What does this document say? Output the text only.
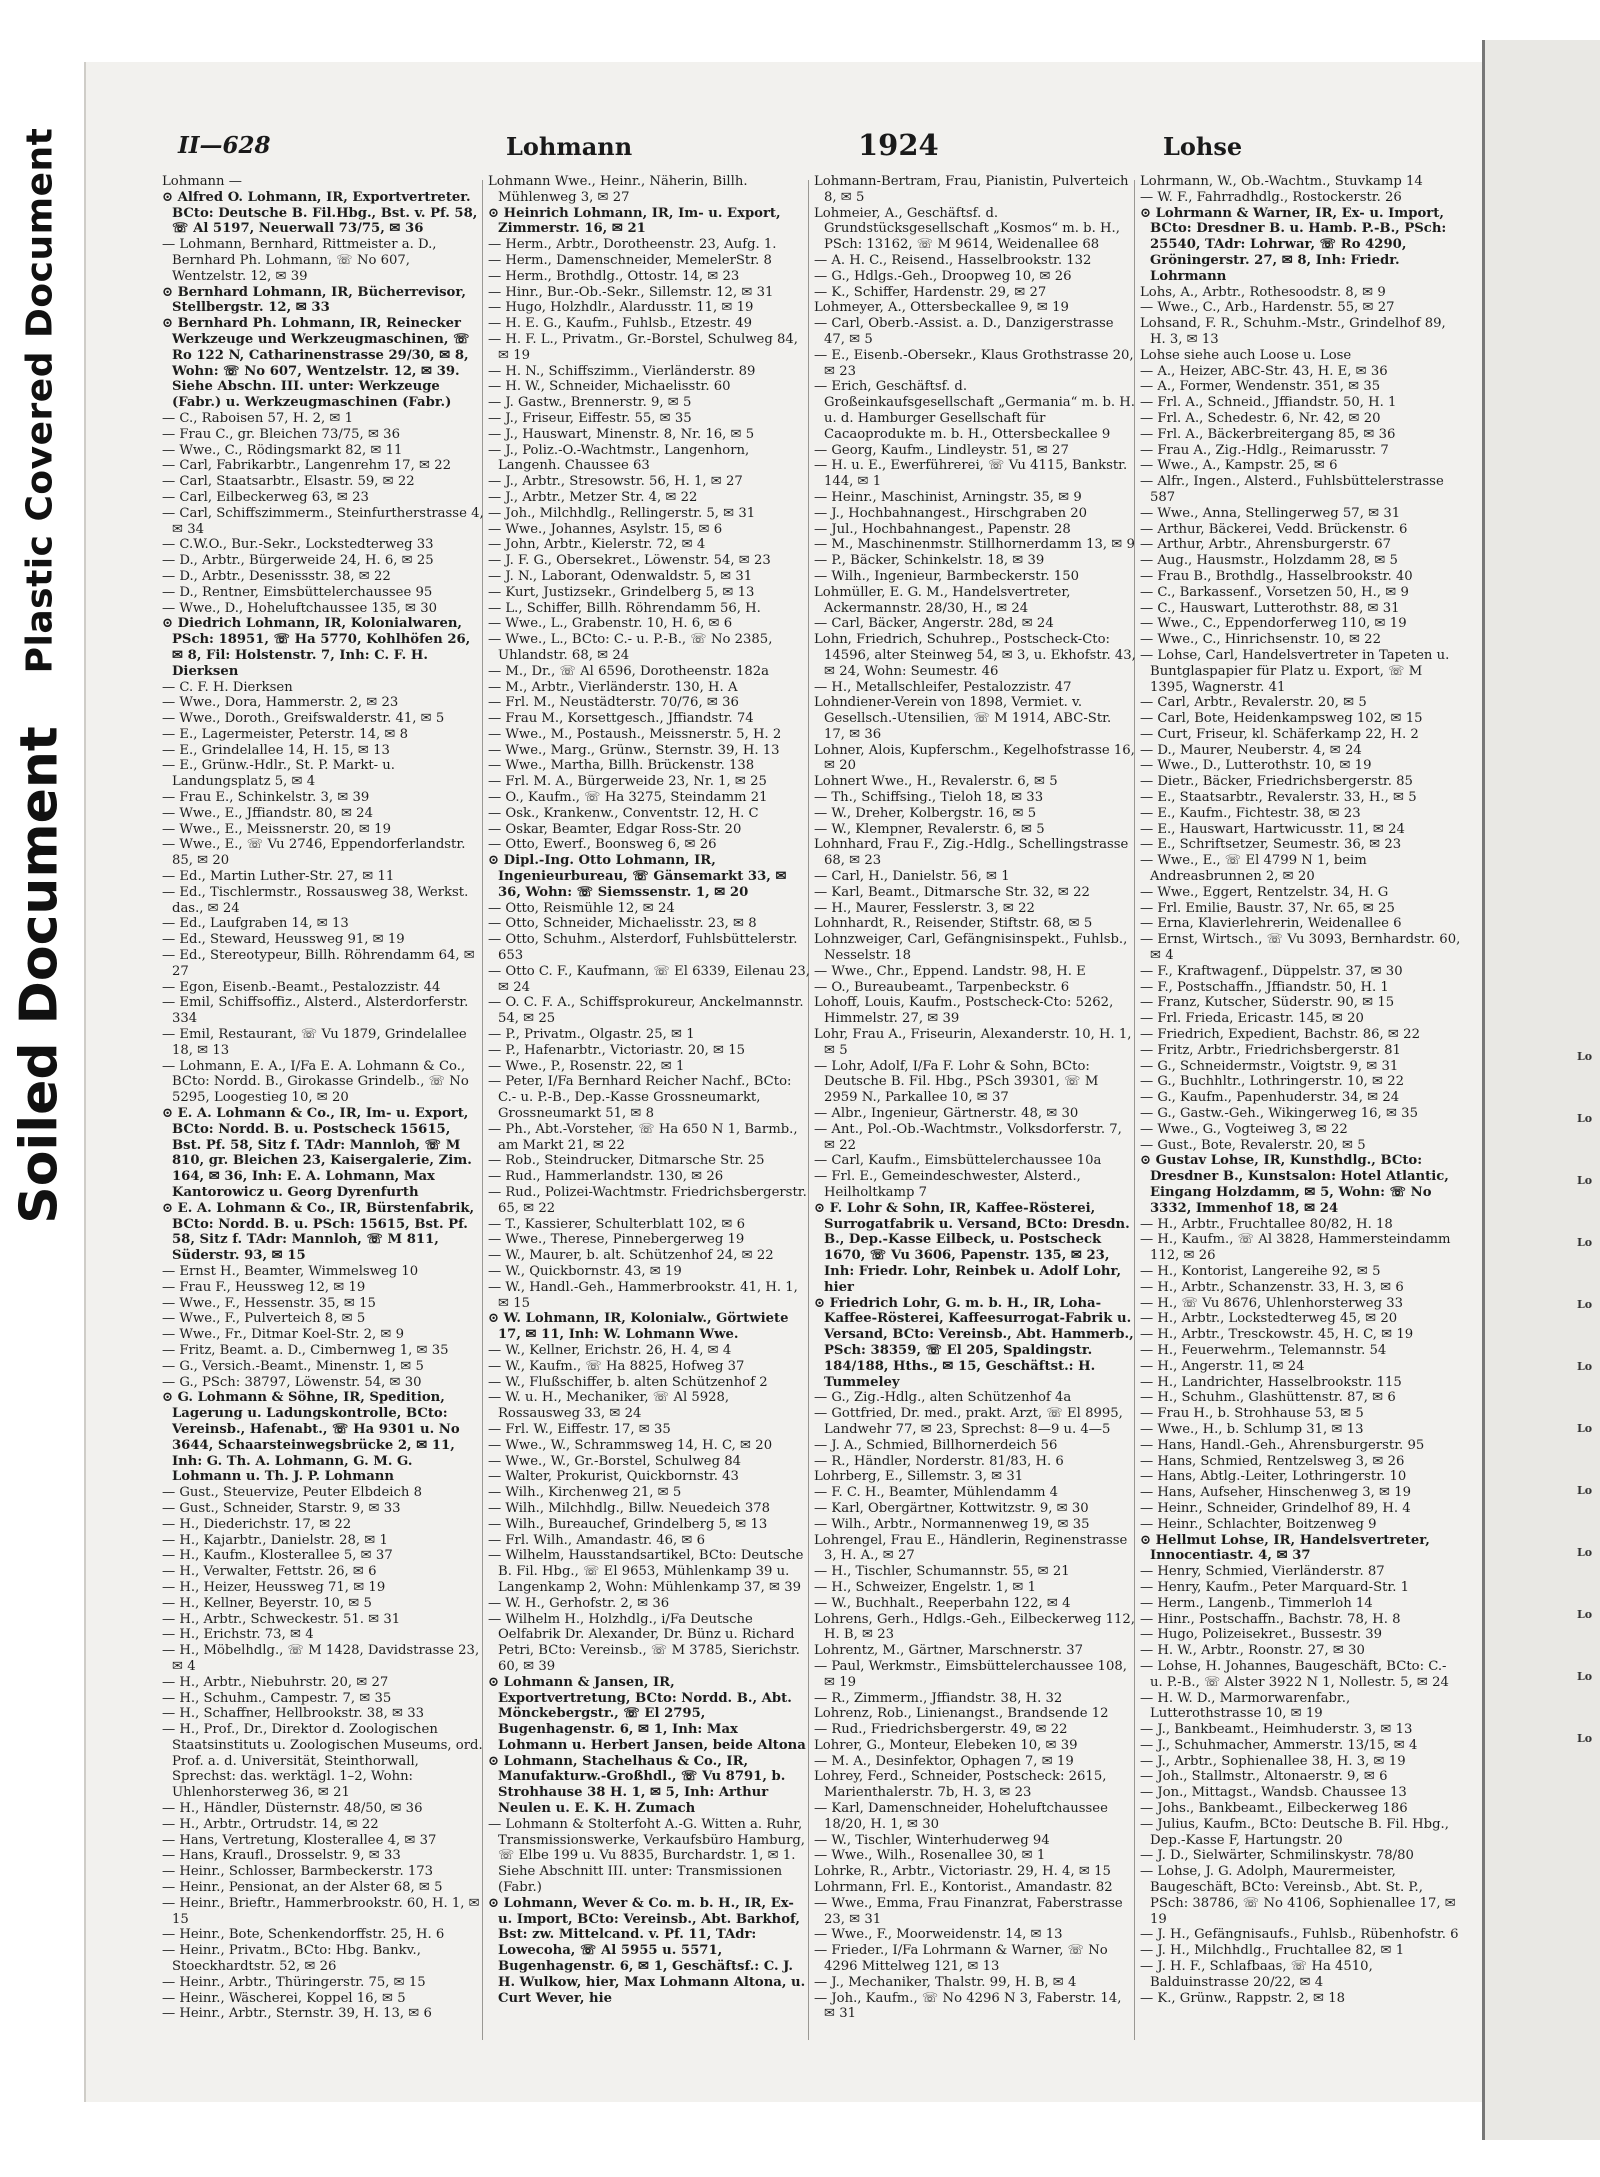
Plastic Covered Document
Soiled Document
II—628	Lohmann	1924	Lohse

Lohmann —

⊙ Alfred O. Lohmann, IR, Exportvertreter. BCto: Deutsche B. Fil.Hbg., Bst. v. Pf. 58, ☏ Al 5197, Neuerwall 73/75, ✉ 36

— Lohmann, Bernhard, Rittmeister a. D., Bernhard Ph. Lohmann, ☏ No 607, Wentzelstr. 12, ✉ 39

⊙ Bernhard Lohmann, IR, Bücherrevisor, Stellbergstr. 12, ✉ 33

⊙ Bernhard Ph. Lohmann, IR, Reinecker Werkzeuge und Werkzeugmaschinen, ☏ Ro 122 N, Catharinenstrasse 29/30, ✉ 8, Wohn: ☏ No 607, Wentzelstr. 12, ✉ 39. Siehe Abschn. III. unter: Werkzeuge (Fabr.) u. Werkzeugmaschinen (Fabr.)

— C., Raboisen 57, H. 2, ✉ 1

— Frau C., gr. Bleichen 73/75, ✉ 36

— Wwe., C., Rödingsmarkt 82, ✉ 11

— Carl, Fabrikarbtr., Langenrehm 17, ✉ 22

— Carl, Staatsarbtr., Elsastr. 59, ✉ 22

— Carl, Eilbeckerweg 63, ✉ 23

— Carl, Schiffszimmerm., Steinfurtherstrasse 4, ✉ 34

— C.W.O., Bur.-Sekr., Lockstedterweg 33

— D., Arbtr., Bürgerweide 24, H. 6, ✉ 25

— D., Arbtr., Desenissstr. 38, ✉ 22

— D., Rentner, Eimsbüttelerchaussee 95

— Wwe., D., Hoheluftchaussee 135, ✉ 30

⊙ Diedrich Lohmann, IR, Kolonialwaren, PSch: 18951, ☏ Ha 5770, Kohlhöfen 26, ✉ 8, Fil: Holstenstr. 7, Inh: C. F. H. Dierksen

— C. F. H. Dierksen

— Wwe., Dora, Hammerstr. 2, ✉ 23

— Wwe., Doroth., Greifswalderstr. 41, ✉ 5

— E., Lagermeister, Peterstr. 14, ✉ 8

— E., Grindelallee 14, H. 15, ✉ 13

— E., Grünw.-Hdlr., St. P. Markt- u. Landungsplatz 5, ✉ 4

— Frau E., Schinkelstr. 3, ✉ 39

— Wwe., E., Jffiandstr. 80, ✉ 24

— Wwe., E., Meissnerstr. 20, ✉ 19

— Wwe., E., ☏ Vu 2746, Eppendorferlandstr. 85, ✉ 20

— Ed., Martin Luther-Str. 27, ✉ 11

— Ed., Tischlermstr., Rossausweg 38, Werkst. das., ✉ 24

— Ed., Laufgraben 14, ✉ 13

— Ed., Steward, Heussweg 91, ✉ 19

— Ed., Stereotypeur, Billh. Röhrendamm 64, ✉ 27

— Egon, Eisenb.-Beamt., Pestalozzistr. 44

— Emil, Schiffsoffiz., Alsterd., Alsterdorferstr. 334

— Emil, Restaurant, ☏ Vu 1879, Grindelallee 18, ✉ 13

— Lohmann, E. A., I/Fa E. A. Lohmann & Co., BCto: Nordd. B., Girokasse Grindelb., ☏ No 5295, Loogestieg 10, ✉ 20

⊙ E. A. Lohmann & Co., IR, Im- u. Export, BCto: Nordd. B. u. Postscheck 15615, Bst. Pf. 58, Sitz f. TAdr: Mannloh, ☏ M 810, gr. Bleichen 23, Kaisergalerie, Zim. 164, ✉ 36, Inh: E. A. Lohmann, Max Kantorowicz u. Georg Dyrenfurth

⊙ E. A. Lohmann & Co., IR, Bürstenfabrik, BCto: Nordd. B. u. PSch: 15615, Bst. Pf. 58, Sitz f. TAdr: Mannloh, ☏ M 811, Süderstr. 93, ✉ 15

— Ernst H., Beamter, Wimmelsweg 10

— Frau F., Heussweg 12, ✉ 19

— Wwe., F., Hessenstr. 35, ✉ 15

— Wwe., F., Pulverteich 8, ✉ 5

— Wwe., Fr., Ditmar Koel-Str. 2, ✉ 9

— Fritz, Beamt. a. D., Cimbernweg 1, ✉ 35

— G., Versich.-Beamt., Minenstr. 1, ✉ 5

— G., PSch: 38797, Löwenstr. 54, ✉ 30

⊙ G. Lohmann & Söhne, IR, Spedition, Lagerung u. Ladungskontrolle, BCto: Vereinsb., Hafenabt., ☏ Ha 9301 u. No 3644, Schaarsteinwegsbrücke 2, ✉ 11, Inh: G. Th. A. Lohmann, G. M. G. Lohmann u. Th. J. P. Lohmann

— Gust., Steuervize, Peuter Elbdeich 8

— Gust., Schneider, Starstr. 9, ✉ 33

— H., Diederichstr. 17, ✉ 22

— H., Kajarbtr., Danielstr. 28, ✉ 1

— H., Kaufm., Klosterallee 5, ✉ 37

— H., Verwalter, Fettstr. 26, ✉ 6

— H., Heizer, Heussweg 71, ✉ 19

— H., Kellner, Beyerstr. 10, ✉ 5

— H., Arbtr., Schweckestr. 51. ✉ 31

— H., Erichstr. 73, ✉ 4

— H., Möbelhdlg., ☏ M 1428, Davidstrasse 23, ✉ 4

— H., Arbtr., Niebuhrstr. 20, ✉ 27

— H., Schuhm., Campestr. 7, ✉ 35

— H., Schaffner, Hellbrookstr. 38, ✉ 33

— H., Prof., Dr., Direktor d. Zoologischen Staatsinstituts u. Zoologischen Museums, ord. Prof. a. d. Universität, Steinthorwall, Sprechst: das. werktägl. 1–2, Wohn: Uhlenhorsterweg 36, ✉ 21

— H., Händler, Düsternstr. 48/50, ✉ 36

— H., Arbtr., Ortrudstr. 14, ✉ 22

— Hans, Vertretung, Klosterallee 4, ✉ 37

— Hans, Kraufl., Drosselstr. 9, ✉ 33

— Heinr., Schlosser, Barmbeckerstr. 173

— Heinr., Pensionat, an der Alster 68, ✉ 5

— Heinr., Brieftr., Hammerbrookstr. 60, H. 1, ✉ 15

— Heinr., Bote, Schenkendorffstr. 25, H. 6

— Heinr., Privatm., BCto: Hbg. Bankv., Stoeckhardtstr. 52, ✉ 26

— Heinr., Arbtr., Thüringerstr. 75, ✉ 15

— Heinr., Wäscherei, Koppel 16, ✉ 5

— Heinr., Arbtr., Sternstr. 39, H. 13, ✉ 6

Lohmann Wwe., Heinr., Näherin, Billh. Mühlenweg 3, ✉ 27

⊙ Heinrich Lohmann, IR, Im- u. Export, Zimmerstr. 16, ✉ 21

— Herm., Arbtr., Dorotheenstr. 23, Aufg. 1.

— Herm., Damenschneider, MemelerStr. 8

— Herm., Brothdlg., Ottostr. 14, ✉ 23

— Hinr., Bur.-Ob.-Sekr., Sillemstr. 12, ✉ 31

— Hugo, Holzhdlr., Alardusstr. 11, ✉ 19

— H. E. G., Kaufm., Fuhlsb., Etzestr. 49

— H. F. L., Privatm., Gr.-Borstel, Schulweg 84, ✉ 19

— H. N., Schiffszimm., Vierländerstr. 89

— H. W., Schneider, Michaelisstr. 60

— J. Gastw., Brennerstr. 9, ✉ 5

— J., Friseur, Eiffestr. 55, ✉ 35

— J., Hauswart, Minenstr. 8, Nr. 16, ✉ 5

— J., Poliz.-O.-Wachtmstr., Langenhorn, Langenh. Chaussee 63

— J., Arbtr., Stresowstr. 56, H. 1, ✉ 27

— J., Arbtr., Metzer Str. 4, ✉ 22

— Joh., Milchhdlg., Rellingerstr. 5, ✉ 31

— Wwe., Johannes, Asylstr. 15, ✉ 6

— John, Arbtr., Kielerstr. 72, ✉ 4

— J. F. G., Obersekret., Löwenstr. 54, ✉ 23

— J. N., Laborant, Odenwaldstr. 5, ✉ 31

— Kurt, Justizsekr., Grindelberg 5, ✉ 13

— L., Schiffer, Billh. Röhrendamm 56, H.

— Wwe., L., Grabenstr. 10, H. 6, ✉ 6

— Wwe., L., BCto: C.- u. P.-B., ☏ No 2385, Uhlandstr. 68, ✉ 24

— M., Dr., ☏ Al 6596, Dorotheenstr. 182a

— M., Arbtr., Vierländerstr. 130, H. A

— Frl. M., Neustädterstr. 70/76, ✉ 36

— Frau M., Korsettgesch., Jffiandstr. 74

— Wwe., M., Postaush., Meissnerstr. 5, H. 2

— Wwe., Marg., Grünw., Sternstr. 39, H. 13

— Wwe., Martha, Billh. Brückenstr. 138

— Frl. M. A., Bürgerweide 23, Nr. 1, ✉ 25

— O., Kaufm., ☏ Ha 3275, Steindamm 21

— Osk., Krankenw., Conventstr. 12, H. C

— Oskar, Beamter, Edgar Ross-Str. 20

— Otto, Ewerf., Boonsweg 6, ✉ 26

⊙ Dipl.-Ing. Otto Lohmann, IR, Ingenieurbureau, ☏ Gänsemarkt 33, ✉ 36, Wohn: ☏ Siemssenstr. 1, ✉ 20

— Otto, Reismühle 12, ✉ 24

— Otto, Schneider, Michaelisstr. 23, ✉ 8

— Otto, Schuhm., Alsterdorf, Fuhlsbüttelerstr. 653

— Otto C. F., Kaufmann, ☏ El 6339, Eilenau 23, ✉ 24

— O. C. F. A., Schiffsprokureur, Anckelmannstr. 54, ✉ 25

— P., Privatm., Olgastr. 25, ✉ 1

— P., Hafenarbtr., Victoriastr. 20, ✉ 15

— Wwe., P., Rosenstr. 22, ✉ 1

— Peter, I/Fa Bernhard Reicher Nachf., BCto: C.- u. P.-B., Dep.-Kasse Grossneumarkt, Grossneumarkt 51, ✉ 8

— Ph., Abt.-Vorsteher, ☏ Ha 650 N 1, Barmb., am Markt 21, ✉ 22

— Rob., Steindrucker, Ditmarsche Str. 25

— Rud., Hammerlandstr. 130, ✉ 26

— Rud., Polizei-Wachtmstr. Friedrichsbergerstr. 65, ✉ 22

— T., Kassierer, Schulterblatt 102, ✉ 6

— Wwe., Therese, Pinnebergerweg 19

— W., Maurer, b. alt. Schützenhof 24, ✉ 22

— W., Quickbornstr. 43, ✉ 19

— W., Handl.-Geh., Hammerbrookstr. 41, H. 1, ✉ 15

⊙ W. Lohmann, IR, Kolonialw., Görtwiete 17, ✉ 11, Inh: W. Lohmann Wwe.

— W., Kellner, Erichstr. 26, H. 4, ✉ 4

— W., Kaufm., ☏ Ha 8825, Hofweg 37

— W., Flußschiffer, b. alten Schützenhof 2

— W. u. H., Mechaniker, ☏ Al 5928, Rossausweg 33, ✉ 24

— Frl. W., Eiffestr. 17, ✉ 35

— Wwe., W., Schrammsweg 14, H. C, ✉ 20

— Wwe., W., Gr.-Borstel, Schulweg 84

— Walter, Prokurist, Quickbornstr. 43

— Wilh., Kirchenweg 21, ✉ 5

— Wilh., Milchhdlg., Billw. Neuedeich 378

— Wilh., Bureauchef, Grindelberg 5, ✉ 13

— Frl. Wilh., Amandastr. 46, ✉ 6

— Wilhelm, Hausstandsartikel, BCto: Deutsche B. Fil. Hbg., ☏ El 9653, Mühlenkamp 39 u. Langenkamp 2, Wohn: Mühlenkamp 37, ✉ 39

— W. H., Gerhofstr. 2, ✉ 36

— Wilhelm H., Holzhdlg., i/Fa Deutsche Oelfabrik Dr. Alexander, Dr. Bünz u. Richard Petri, BCto: Vereinsb., ☏ M 3785, Sierichstr. 60, ✉ 39

⊙ Lohmann & Jansen, IR, Exportvertretung, BCto: Nordd. B., Abt. Mönckebergstr., ☏ El 2795, Bugenhagenstr. 6, ✉ 1, Inh: Max Lohmann u. Herbert Jansen, beide Altona

⊙ Lohmann, Stachelhaus & Co., IR, Manufakturw.-Großhdl., ☏ Vu 8791, b. Strohhause 38 H. 1, ✉ 5, Inh: Arthur Neulen u. E. K. H. Zumach

— Lohmann & Stolterfoht A.-G. Witten a. Ruhr, Transmissionswerke, Verkaufsbüro Hamburg, ☏ Elbe 199 u. Vu 8835, Burchardstr. 1, ✉ 1. Siehe Abschnitt III. unter: Transmissionen (Fabr.)

⊙ Lohmann, Wever & Co. m. b. H., IR, Ex- u. Import, BCto: Vereinsb., Abt. Barkhof, Bst: zw. Mittelcand. v. Pf. 11, TAdr: Lowecoha, ☏ Al 5955 u. 5571, Bugenhagenstr. 6, ✉ 1, Geschäftsf.: C. J. H. Wulkow, hier, Max Lohmann Altona, u. Curt Wever, hie

Lohmann-Bertram, Frau, Pianistin, Pulverteich 8, ✉ 5

Lohmeier, A., Geschäftsf. d. Grundstücksgesellschaft „Kosmos“ m. b. H., PSch: 13162, ☏ M 9614, Weidenallee 68

— A. H. C., Reisend., Hasselbrookstr. 132

— G., Hdlgs.-Geh., Droopweg 10, ✉ 26

— K., Schiffer, Hardenstr. 29, ✉ 27

Lohmeyer, A., Ottersbeckallee 9, ✉ 19

— Carl, Oberb.-Assist. a. D., Danzigerstrasse 47, ✉ 5

— E., Eisenb.-Obersekr., Klaus Grothstrasse 20, ✉ 23

— Erich, Geschäftsf. d. Großeinkaufsgesellschaft „Germania“ m. b. H. u. d. Hamburger Gesellschaft für Cacaoprodukte m. b. H., Ottersbeckallee 9

— Georg, Kaufm., Lindleystr. 51, ✉ 27

— H. u. E., Ewerführerei, ☏ Vu 4115, Bankstr. 144, ✉ 1

— Heinr., Maschinist, Arningstr. 35, ✉ 9

— J., Hochbahnangest., Hirschgraben 20

— Jul., Hochbahnangest., Papenstr. 28

— M., Maschinenmstr. Stillhornerdamm 13, ✉ 9

— P., Bäcker, Schinkelstr. 18, ✉ 39

— Wilh., Ingenieur, Barmbeckerstr. 150

Lohmüller, E. G. M., Handelsvertreter, Ackermannstr. 28/30, H., ✉ 24

— Carl, Bäcker, Angerstr. 28d, ✉ 24

Lohn, Friedrich, Schuhrep., Postscheck-Cto: 14596, alter Steinweg 54, ✉ 3, u. Ekhofstr. 43, ✉ 24, Wohn: Seumestr. 46

— H., Metallschleifer, Pestalozzistr. 47

Lohndiener-Verein von 1898, Vermiet. v. Gesellsch.-Utensilien, ☏ M 1914, ABC-Str. 17, ✉ 36

Lohner, Alois, Kupferschm., Kegelhofstrasse 16, ✉ 20

Lohnert Wwe., H., Revalerstr. 6, ✉ 5

— Th., Schiffsing., Tieloh 18, ✉ 33

— W., Dreher, Kolbergstr. 16, ✉ 5

— W., Klempner, Revalerstr. 6, ✉ 5

Lohnhard, Frau F., Zig.-Hdlg., Schellingstrasse 68, ✉ 23

— Carl, H., Danielstr. 56, ✉ 1

— Karl, Beamt., Ditmarsche Str. 32, ✉ 22

— H., Maurer, Fesslerstr. 3, ✉ 22

Lohnhardt, R., Reisender, Stiftstr. 68, ✉ 5

Lohnzweiger, Carl, Gefängnisinspekt., Fuhlsb., Nesselstr. 18

— Wwe., Chr., Eppend. Landstr. 98, H. E

— O., Bureaubeamt., Tarpenbeckstr. 6

Lohoff, Louis, Kaufm., Postscheck-Cto: 5262, Himmelstr. 27, ✉ 39

Lohr, Frau A., Friseurin, Alexanderstr. 10, H. 1, ✉ 5

— Lohr, Adolf, I/Fa F. Lohr & Sohn, BCto: Deutsche B. Fil. Hbg., PSch 39301, ☏ M 2959 N., Parkallee 10, ✉ 37

— Albr., Ingenieur, Gärtnerstr. 48, ✉ 30

— Ant., Pol.-Ob.-Wachtmstr., Volksdorferstr. 7, ✉ 22

— Carl, Kaufm., Eimsbüttelerchaussee 10a

— Frl. E., Gemeindeschwester, Alsterd., Heilholtkamp 7

⊙ F. Lohr & Sohn, IR, Kaffee-Rösterei, Surrogatfabrik u. Versand, BCto: Dresdn. B., Dep.-Kasse Eilbeck, u. Postscheck 1670, ☏ Vu 3606, Papenstr. 135, ✉ 23, Inh: Friedr. Lohr, Reinbek u. Adolf Lohr, hier

⊙ Friedrich Lohr, G. m. b. H., IR, Loha-Kaffee-Rösterei, Kaffeesurrogat-Fabrik u. Versand, BCto: Vereinsb., Abt. Hammerb., PSch: 38359, ☏ El 205, Spaldingstr. 184/188, Hths., ✉ 15, Geschäftst.: H. Tummeley

— G., Zig.-Hdlg., alten Schützenhof 4a

— Gottfried, Dr. med., prakt. Arzt, ☏ El 8995, Landwehr 77, ✉ 23, Sprechst: 8—9 u. 4—5

— J. A., Schmied, Billhornerdeich 56

— R., Händler, Norderstr. 81/83, H. 6

Lohrberg, E., Sillemstr. 3, ✉ 31

— F. C. H., Beamter, Mühlendamm 4

— Karl, Obergärtner, Kottwitzstr. 9, ✉ 30

— Wilh., Arbtr., Normannenweg 19, ✉ 35

Lohrengel, Frau E., Händlerin, Reginenstrasse 3, H. A., ✉ 27

— H., Tischler, Schumannstr. 55, ✉ 21

— H., Schweizer, Engelstr. 1, ✉ 1

— W., Buchhalt., Reeperbahn 122, ✉ 4

Lohrens, Gerh., Hdlgs.-Geh., Eilbeckerweg 112, H. B, ✉ 23

Lohrentz, M., Gärtner, Marschnerstr. 37

— Paul, Werkmstr., Eimsbüttelerchaussee 108, ✉ 19

— R., Zimmerm., Jffiandstr. 38, H. 32

Lohrenz, Rob., Linienangst., Brandsende 12

— Rud., Friedrichsbergerstr. 49, ✉ 22

Lohrer, G., Monteur, Elebeken 10, ✉ 39

— M. A., Desinfektor, Ophagen 7, ✉ 19

Lohrey, Ferd., Schneider, Postscheck: 2615, Marienthalerstr. 7b, H. 3, ✉ 23

— Karl, Damenschneider, Hoheluftchaussee 18/20, H. 1, ✉ 30

— W., Tischler, Winterhuderweg 94

— Wwe., Wilh., Rosenallee 30, ✉ 1

Lohrke, R., Arbtr., Victoriastr. 29, H. 4, ✉ 15

Lohrmann, Frl. E., Kontorist., Amandastr. 82

— Wwe., Emma, Frau Finanzrat, Faberstrasse 23, ✉ 31

— Wwe., F., Moorweidenstr. 14, ✉ 13

— Frieder., I/Fa Lohrmann & Warner, ☏ No 4296 Mittelweg 121, ✉ 13

— J., Mechaniker, Thalstr. 99, H. B, ✉ 4

— Joh., Kaufm., ☏ No 4296 N 3, Faberstr. 14, ✉ 31

Lohrmann, W., Ob.-Wachtm., Stuvkamp 14

— W. F., Fahrradhdlg., Rostockerstr. 26

⊙ Lohrmann & Warner, IR, Ex- u. Import, BCto: Dresdner B. u. Hamb. P.-B., PSch: 25540, TAdr: Lohrwar, ☏ Ro 4290, Gröningerstr. 27, ✉ 8, Inh: Friedr. Lohrmann

Lohs, A., Arbtr., Rothesoodstr. 8, ✉ 9

— Wwe., C., Arb., Hardenstr. 55, ✉ 27

Lohsand, F. R., Schuhm.-Mstr., Grindelhof 89, H. 3, ✉ 13

Lohse siehe auch Loose u. Lose

— A., Heizer, ABC-Str. 43, H. E, ✉ 36

— A., Former, Wendenstr. 351, ✉ 35

— Frl. A., Schneid., Jffiandstr. 50, H. 1

— Frl. A., Schedestr. 6, Nr. 42, ✉ 20

— Frl. A., Bäckerbreitergang 85, ✉ 36

— Frau A., Zig.-Hdlg., Reimarusstr. 7

— Wwe., A., Kampstr. 25, ✉ 6

— Alfr., Ingen., Alsterd., Fuhlsbüttelerstrasse 587

— Wwe., Anna, Stellingerweg 57, ✉ 31

— Arthur, Bäckerei, Vedd. Brückenstr. 6

— Arthur, Arbtr., Ahrensburgerstr. 67

— Aug., Hausmstr., Holzdamm 28, ✉ 5

— Frau B., Brothdlg., Hasselbrookstr. 40

— C., Barkassenf., Vorsetzen 50, H., ✉ 9

— C., Hauswart, Lutterothstr. 88, ✉ 31

— Wwe., C., Eppendorferweg 110, ✉ 19

— Wwe., C., Hinrichsenstr. 10, ✉ 22

— Lohse, Carl, Handelsvertreter in Tapeten u. Buntglaspapier für Platz u. Export, ☏ M 1395, Wagnerstr. 41

— Carl, Arbtr., Revalerstr. 20, ✉ 5

— Carl, Bote, Heidenkampsweg 102, ✉ 15

— Curt, Friseur, kl. Schäferkamp 22, H. 2

— D., Maurer, Neuberstr. 4, ✉ 24

— Wwe., D., Lutterothstr. 10, ✉ 19

— Dietr., Bäcker, Friedrichsbergerstr. 85

— E., Staatsarbtr., Revalerstr. 33, H., ✉ 5

— E., Kaufm., Fichtestr. 38, ✉ 23

— E., Hauswart, Hartwicusstr. 11, ✉ 24

— E., Schriftsetzer, Seumestr. 36, ✉ 23

— Wwe., E., ☏ El 4799 N 1, beim Andreasbrunnen 2, ✉ 20

— Wwe., Eggert, Rentzelstr. 34, H. G

— Frl. Emilie, Baustr. 37, Nr. 65, ✉ 25

— Erna, Klavierlehrerin, Weidenallee 6

— Ernst, Wirtsch., ☏ Vu 3093, Bernhardstr. 60, ✉ 4

— F., Kraftwagenf., Düppelstr. 37, ✉ 30

— F., Postschaffn., Jffiandstr. 50, H. 1

— Franz, Kutscher, Süderstr. 90, ✉ 15

— Frl. Frieda, Ericastr. 145, ✉ 20

— Friedrich, Expedient, Bachstr. 86, ✉ 22

— Fritz, Arbtr., Friedrichsbergerstr. 81

— G., Schneidermstr., Voigtstr. 9, ✉ 31

— G., Buchhltr., Lothringerstr. 10, ✉ 22

— G., Kaufm., Papenhuderstr. 34, ✉ 24

— G., Gastw.-Geh., Wikingerweg 16, ✉ 35

— Wwe., G., Vogteiweg 3, ✉ 22

— Gust., Bote, Revalerstr. 20, ✉ 5

⊙ Gustav Lohse, IR, Kunsthdlg., BCto: Dresdner B., Kunstsalon: Hotel Atlantic, Eingang Holzdamm, ✉ 5, Wohn: ☏ No 3332, Immenhof 18, ✉ 24

— H., Arbtr., Fruchtallee 80/82, H. 18

— H., Kaufm., ☏ Al 3828, Hammersteindamm 112, ✉ 26

— H., Kontorist, Langereihe 92, ✉ 5

— H., Arbtr., Schanzenstr. 33, H. 3, ✉ 6

— H., ☏ Vu 8676, Uhlenhorsterweg 33

— H., Arbtr., Lockstedterweg 45, ✉ 20

— H., Arbtr., Tresckowstr. 45, H. C, ✉ 19

— H., Feuerwehrm., Telemannstr. 54

— H., Angerstr. 11, ✉ 24

— H., Landrichter, Hasselbrookstr. 115

— H., Schuhm., Glashüttenstr. 87, ✉ 6

— Frau H., b. Strohhause 53, ✉ 5

— Wwe., H., b. Schlump 31, ✉ 13

— Hans, Handl.-Geh., Ahrensburgerstr. 95

— Hans, Schmied, Rentzelsweg 3, ✉ 26

— Hans, Abtlg.-Leiter, Lothringerstr. 10

— Hans, Aufseher, Hinschenweg 3, ✉ 19

— Heinr., Schneider, Grindelhof 89, H. 4

— Heinr., Schlachter, Boitzenweg 9

⊙ Hellmut Lohse, IR, Handelsvertreter, Innocentiastr. 4, ✉ 37

— Henry, Schmied, Vierländerstr. 87

— Henry, Kaufm., Peter Marquard-Str. 1

— Herm., Langenb., Timmerloh 14

— Hinr., Postschaffn., Bachstr. 78, H. 8

— Hugo, Polizeisekret., Bussestr. 39

— H. W., Arbtr., Roonstr. 27, ✉ 30

— Lohse, H. Johannes, Baugeschäft, BCto: C.- u. P.-B., ☏ Alster 3922 N 1, Nollestr. 5, ✉ 24

— H. W. D., Marmorwarenfabr., Lutterothstrasse 10, ✉ 19

— J., Bankbeamt., Heimhuderstr. 3, ✉ 13

— J., Schuhmacher, Ammerstr. 13/15, ✉ 4

— J., Arbtr., Sophienallee 38, H. 3, ✉ 19

— Joh., Stallmstr., Altonaerstr. 9, ✉ 6

— Jon., Mittagst., Wandsb. Chaussee 13

— Johs., Bankbeamt., Eilbeckerweg 186

— Julius, Kaufm., BCto: Deutsche B. Fil. Hbg., Dep.-Kasse F, Hartungstr. 20

— J. D., Sielwärter, Schmilinskystr. 78/80

— Lohse, J. G. Adolph, Maurermeister, Baugeschäft, BCto: Vereinsb., Abt. St. P., PSch: 38786, ☏ No 4106, Sophienallee 17, ✉ 19

— J. H., Gefängnisaufs., Fuhlsb., Rübenhofstr. 6

— J. H., Milchhdlg., Fruchtallee 82, ✉ 1

— J. H. F., Schlafbaas, ☏ Ha 4510, Balduinstrasse 20/22, ✉ 4

— K., Grünw., Rappstr. 2, ✉ 18

Lo
Lo
Lo
Lo
Lo
Lo
Lo
Lo
Lo
Lo
Lo
Lo
